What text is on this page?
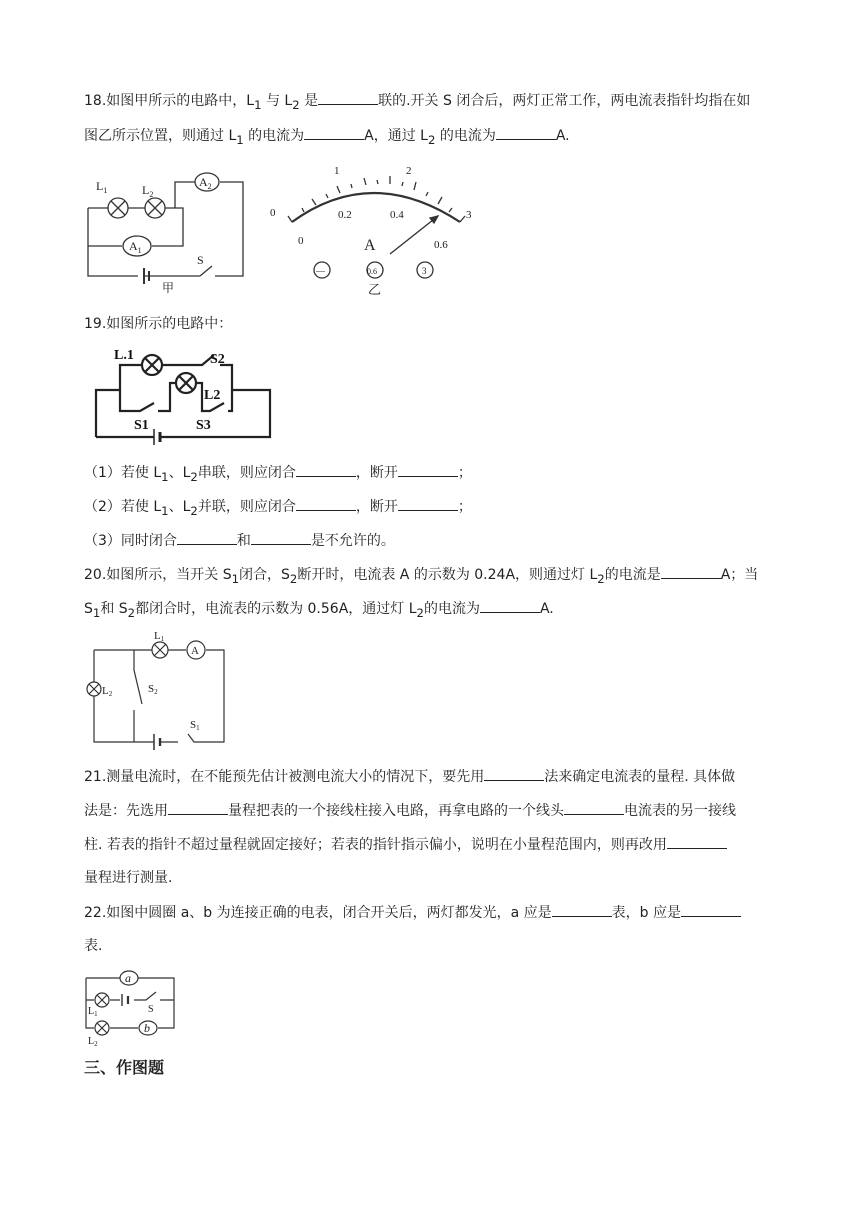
18.如图甲所示的电路中，$L_1$ 与 $L_2$ 是	联的.开关 S 闭合后，两灯正常工作，两电流表指针均指在如
图乙所示位置，则通过 $L_1$ 的电流为	A，通过 $L_2$ 的电流为	A.
$L_1$	$L_2$
$A_2$
$A_1$
S
甲
0
1	2
3
0
0.2	0.4
0.6
A
—	0.6	3
乙
19.如图所示的电路中：
L.1	S2
L2
S1	S3
（1）若使 $L_1$、$L_2$串联，则应闭合	，断开	；
（2）若使 $L_1$、$L_2$并联，则应闭合	，断开	；
（3）同时闭合	和	是不允许的。
20.如图所示，当开关 $S_1$闭合，$S_2$断开时，电流表 A 的示数为 0.24A，则通过灯 $L_2$的电流是	A；当
$S_1$和 $S_2$都闭合时，电流表的示数为 0.56A，通过灯 $L_2$的电流为	A.
L1
L2
A
S2
S1
21.测量电流时，在不能预先估计被测电流大小的情况下，要先用	法来确定电流表的量程. 具体做
法是：先选用	量程把表的一个接线柱接入电路，再拿电路的一个线头	电流表的另一接线
柱. 若表的指针不超过量程就固定接好；若表的指针指示偏小，说明在小量程范围内，则再改用
量程进行测量.
22.如图中圆圈 a、b 为连接正确的电表，闭合开关后，两灯都发光，a 应是	表，b 应是
表.
a
b
S
$L_1$
$L_2$
三、作图题
